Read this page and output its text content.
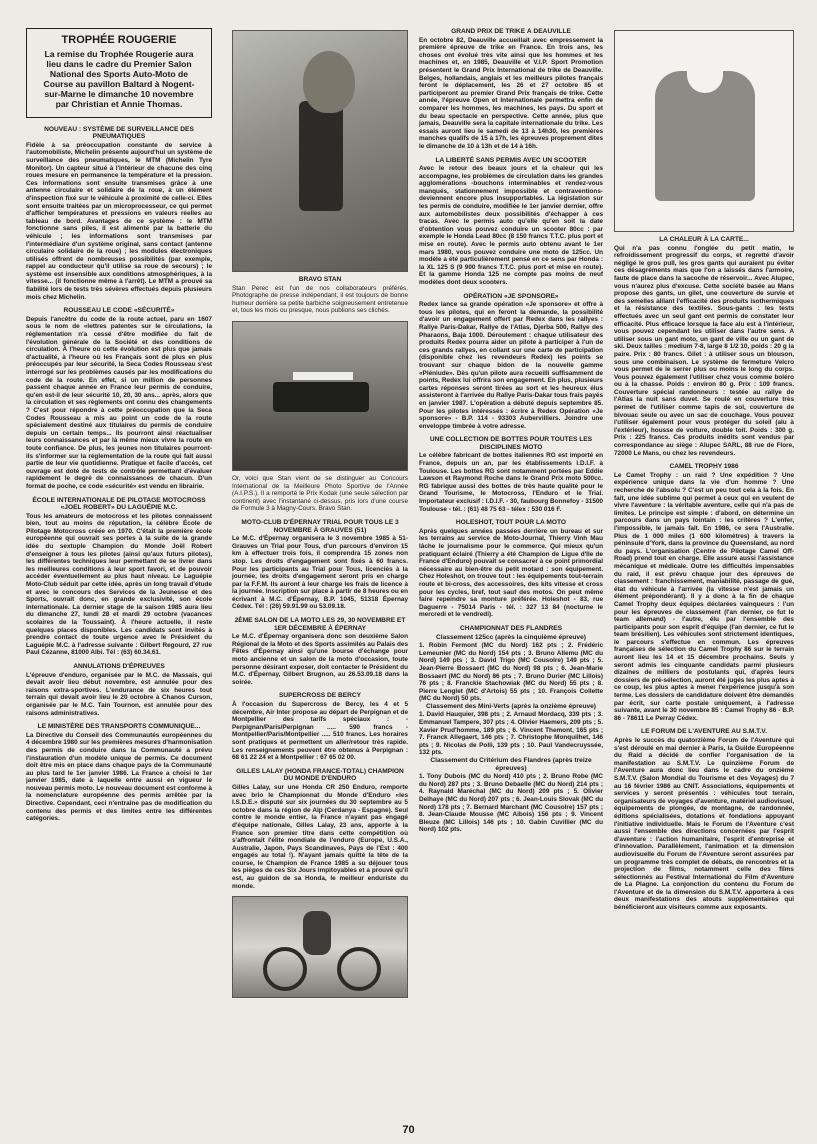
TROPHÉE ROUGERIE

La remise du Trophée Rougerie aura lieu dans le cadre du Premier Salon National des Sports Auto-Moto de Course au pavillon Baltard à Nogent-sur-Marne le dimanche 10 novembre par Christian et Annie Thomas.

NOUVEAU : SYSTÈME DE SURVEILLANCE DES PNEUMATIQUES

Fidèle à sa préoccupation constante de service à l'automobiliste, Michelin présente aujourd'hui un système de surveillance des pneumatiques, le MTM (Michelin Tyre Monitor). Un capteur situé à l'intérieur de chacune des cinq roues mesure en permanence la température et la pression. Ces informations sont ensuite transmises grâce à une antenne circulaire et solidaire de la roue, à un élément d'inspection fixé sur le véhicule à proximité de celle-ci. Elles sont ensuite traitées par un microprocesseur, ce qui permet d'afficher températures et pressions en valeurs réelles au tableau de bord. Avantages de ce système : le MTM fonctionne sans piles, il est alimenté par la batterie du véhicule ; les informations sont transmises par l'intermédiaire d'un système original, sans contact (antenne circulaire solidaire de la roue) ; les modules électroniques utilisés offrent de nombreuses possibilités (par exemple, rappel au conducteur qu'il utilise sa roue de secours) ; le système est insensible aux conditions atmosphériques, à la vitesse... (il fonctionne même à l'arrêt). Le MTM a prouvé sa fiabilité lors de tests très sévères effectués depuis plusieurs mois chez Michelin.

ROUSSEAU LE CODE «SÉCURITÉ»

Depuis l'ancêtre du code de la route actuel, paru en 1607 sous le nom de «lettres patentes sur le circulations, la réglementation n'a cessé d'être modifiée du fait de l'évolution générale de la Société et des conditions de circulation. À l'heure où cette évolution est plus que jamais d'actualité, à l'heure où les Français sont de plus en plus préoccupés par leur sécurité, la Seca Codes Rousseau s'est interrogé sur les problèmes causés par les modifications du code de la route. En effet, si un million de personnes passent chaque année en France leur permis de conduire, qu'en est-il de leur sécurité 10, 20, 30 ans... après, alors que la circulation et ses règlements ont connu des changements ? C'est pour répondre à cette préoccupation que la Seca Codes Rousseau a mis au point un code de la route spécialement destiné aux titulaires du permis de conduire depuis un certain temps... Ils pourront ainsi réactualiser leurs connaissances et par là même mieux vivre la route en toute confiance. De plus, les jeunes non titulaires pourront-ils s'informer sur la réglementation de la route qui fait aussi partie de leur vie quotidienne. Pratique et facile d'accès, cet ouvrage est doté de tests de contrôle permettant d'évaluer rapidement le degré de connaissances de chacun. D'un format de poche, ce code «sécurité» est vendu en librairie.

ÉCOLE INTERNATIONALE DE PILOTAGE MOTOCROSS «JOEL ROBERT» DU LAGUÉPIE M.C.

Tous les amateurs de motocross et les pilotes connaissent bien, tout au moins de réputation, la célèbre École de Pilotage Motocross créée en 1970. C'était la première école européenne qui ouvrait ses portes à la suite de la grande idée du sextuple Champion du Monde Joël Robert d'enseigner à tous les pilotes (ainsi qu'aux futurs pilotes), les différentes techniques leur permettant de se livrer dans les meilleures conditions à leur sport favori, et de pouvoir accéder éventuellement au plus haut niveau. Le Laguépie Moto-Club séduit par cette idée, après un long travail d'étude et avec le concours des Services de la Jeunesse et des Sports, ouvrait donc, en grande exclusivité, son école internationale. La dernier stage de la saison 1985 aura lieu du dimanche 27, lundi 28 et mardi 29 octobre (vacances scolaires de la Toussaint). À l'heure actuelle, il reste quelques places disponibles. Les candidats sont invités à prendre contact de toute urgence avec le Président du Laguépie M.C. à l'adresse suivante : Gilbert Regourd, 27 rue Paul Cézanne, 81000 Albi. Tél : (63) 60.34.61.

ANNULATIONS D'ÉPREUVES

L'épreuve d'enduro, organisée par le M.C. de Massais, qui devait avoir lieu début novembre, est annulée pour des raisons extra-sportives. L'endurance de six heures tout terrain qui devait avoir lieu le 20 octobre à Chanos Curson, organisée par le M.C. Tain Tournon, est annulée pour des raisons administratives.

LE MINISTÈRE DES TRANSPORTS COMMUNIQUE...

La Directive du Conseil des Communautés européennes du 4 décembre 1980 sur les premières mesures d'harmonisation des permis de conduire dans la Communauté a prévu l'instauration d'un modèle unique de permis. Ce document doit être mis en place dans chaque pays de la Communauté au plus tard le 1er janvier 1986. La France a choisi le 1er janvier 1985, date à laquelle entre aussi en vigueur le nouveau permis moto. Le nouveau document est conforme à la nomenclature européenne des permis arrêtée par la Directive. Cependant, ceci n'entraîne pas de modification du contenu des permis et des limites entre les différentes catégories.

BRAVO STAN

Stan Perec est l'un de nos collaborateurs préférés. Photographe de presse indépendant, il est toujours de bonne humeur derrière sa petite barbiche soigneusement entretenue et, tous les mois ou presque, nous publions ses clichés.

Or, voici que Stan vient de se distinguer au Concours International de la Meilleure Photo Sportive de l'Année (A.I.P.S.). Il a remporté le Prix Kodak (une seule sélection par continent) avec l'instantané ci-dessus, pris lors d'une course de Formule 3 à Magny-Cours. Bravo Stan.

MOTO-CLUB D'ÉPERNAY TRIAL POUR TOUS LE 3 NOVEMBRE À GRAUVES (51)

Le M.C. d'Épernay organisera le 3 novembre 1985 à 51-Grauves un Trial pour Tous, d'un parcours d'environ 15 km à effectuer trois fois, il comprendra 15 zones non stop. Les droits d'engagement sont fixés à 60 francs. Pour les participants au Trial pour Tous, licenciés à la journée, les droits d'engagement seront pris en charge par la F.F.M. Ils auront à leur charge les frais de licence à la journée. Inscription sur place à partir de 8 heures ou en écrivant à M.C. d'Épernay, B.P. 1045, 51318 Épernay Cédex. Tél : (26) 59.91.99 ou 53.09.18.

2ÈME SALON DE LA MOTO LES 29, 30 NOVEMBRE ET 1ER DÉCEMBRE À ÉPERNAY

Le M.C. d'Épernay organisera donc son deuxième Salon Régional de la Moto et des Sports assimilés au Palais des Fêtes d'Épernay ainsi qu'une bourse d'échange pour moto ancienne et un salon de la moto d'occasion, toute personne désirant exposer, doit contacter le Président du M.C. d'Épernay, Gilbert Brugnon, au 26.53.09.18 dans la soirée.

SUPERCROSS DE BERCY

À l'occasion du Supercross de Bercy, les 4 et 5 décembre, Air Inter propose au départ de Perpignan et de Montpellier des tarifs spéciaux : - Perpignan/Paris/Perpignan ..... 590 francs - Montpellier/Paris/Montpellier ..... 510 francs. Les horaires sont pratiques et permettent un aller/retour très rapide. Les renseignements peuvent être obtenus à Perpignan : 68 61 22 24 et à Montpellier : 67 65 02 00.

GILLES LALAY (HONDA FRANCE-TOTAL) CHAMPION DU MONDE D'ENDURO

Gilles Lalay, sur une Honda CR 250 Enduro, remporte avec brio le Championnat du Monde d'Enduro «les I.S.D.E.» disputé sur six journées du 30 septembre au 5 octobre dans la région de Alp (Cerdanya - Espagne). Seul contre le monde entier, la France n'ayant pas engagé d'équipe nationale, Gilles Lalay, 23 ans, apporte à la France son premier titre dans cette compétition où s'affrontait l'élite mondiale de l'enduro (Europe, U.S.A., Australie, Japon, Pays Scandinaves, Pays de l'Est : 400 engagés au total !). N'ayant jamais quitté la tête de la course, le Champion de France 1985 a su déjouer tous les pièges de ces Six Jours impitoyables et a prouvé qu'il est, au guidon de sa Honda, le meilleur enduriste du monde.

GRAND PRIX DE TRIKE À DEAUVILLE

En octobre 82, Deauville accueillait avec empressement la première épreuve de trike en France. En trois ans, les choses ont évolué très vite ainsi que les hommes et les machines et, en 1985, Deauville et V.I.P. Sport Promotion présentent le Grand Prix International de trike de Deauville. Belges, hollandais, anglais et les meilleurs pilotes français feront le déplacement, les 26 et 27 octobre 85 et participeront au premier Grand Prix français de trike. Cette année, l'épreuve Open et Internationale permettra enfin de comparer les hommes, les machines, les pays. Du sport et du beau spectacle en perspective. Cette année, plus que jamais, Deauville sera la capitale internationale du trike. Les essais auront lieu le samedi de 13 à 14h30, les premières manches qualifs de 15 à 17h, les épreuves proprement dites le dimanche de 10 à 13h et de 14 à 16h.

LA LIBERTÉ SANS PERMIS AVEC UN SCOOTER

Avec le retour des beaux jours et la chaleur qui les accompagne, les problèmes de circulation dans les grandes agglomérations -bouchons interminables et rendez-vous manqués, stationnement impossible et contraventions- deviennent encore plus insupportables. La législation sur les permis de conduire, modifiée le 1er janvier dernier, offre aux automobilistes deux possibilités d'échapper à ces tracas. Avec le permis auto qu'elle qu'en soit la date d'obtention vous pouvez conduire un scooter 80cc : par exemple le Honda Lead 80cc (8 150 francs T.T.C. plus port et mise en route). Avec le permis auto obtenu avant le 1er mars 1980, vous pouvez conduire une moto de 125cc. Un modèle a été particulièrement pensé en ce sens par Honda : la XL 125 S (9 900 francs T.T.C. plus port et mise en route). Et la gamme Honda 125 ne compte pas moins de neuf modèles dont deux scooters.

OPÉRATION «JE SPONSORE»

Redex lance sa grande opération «Je sponsore» et offre à tous les pilotes, qui en feront la demande, la possibilité d'avoir un engagement offert par Redex dans les rallyes : Rallye Paris-Dakar, Rallye de l'Atlas, Djerba 500, Rallye des Pharaons, Baja 1000. Déroulement : chaque utilisateur des produits Redex pourra aider un pilote à participer à l'un de ces grands rallyes, en collant sur une carte de participation (disponible chez les revendeurs Redex) les points se trouvant sur chaque bidon de la nouvelle gamme «Pléniude». Dès qu'un pilote aura recueilli suffisamment de points, Redex lui offrira son engagement. En plus, plusieurs cartes réponses seront tirées au sort et les heureux élus assisteront à l'arrivée du Rallye Paris-Dakar tous frais payés en janvier 1987. L'opération a débuté depuis septembre 85. Pour les pilotes intéressés : écrire à Redex Opération «Je sponsore» - B.P. 114 - 93303 Aubervilliers. Joindre une enveloppe timbrée à votre adresse.

UNE COLLECTION DE BOTTES POUR TOUTES LES DISCIPLINES MOTO

Le célèbre fabricant de bottes italiennes RG est importé en France, depuis un an, par les établissements I.D.I.F. à Toulouse. Les bottes RG sont notamment portées par Eddie Lawson et Raymond Roche dans le Grand Prix moto 500cc. RG fabrique aussi des bottes de très haute qualité pour le Grand Tourisme, le Motocross, l'Enduro et le Trial. Importateur exclusif : I.D.I.F. - 30, faubourg Bonnefoy - 31500 Toulouse - tél. : (61) 48 75 63 - télex : 530 016 F.

HOLESHOT, TOUT POUR LA MOTO

Après quelques années passées derrière un bureau et sur les terrains au service de Moto-Journal, Thierry Vinh Mau lâche le journalisme pour le commerce. Qui mieux qu'un pratiquant éclairé (Thierry a été Champion de Ligue d'Ile de France d'Enduro) pouvait se consacrer à ce point primordial nécessaire au bien-être du petit motard : son équipement. Chez Holeshot, on trouve tout : les équipements tout-terrain route et bi-cross, des accessoires, des kits vitesse et cross pour les cycles, bref, tout sauf des motos. On peut même faire repeindre sa monture préférée. Holeshot - 83, rue Daguerre - 75014 Paris - tél. : 327 13 84 (nocturne le mercredi et le vendredi).

CHAMPIONNAT DES FLANDRES
Classement 125cc (après la cinquième épreuve)

1. Robin Fermont (MC du Nord) 162 pts ; 2. Frédéric Lemeunier (MC du Nord) 154 pts ; 3. Bruno Allemu (MC du Nord) 149 pts ; 3. David Trigo (MC Cousolre) 149 pts ; 5. Jean-Pierre Bossaert (MC du Nord) 98 pts ; 6. Jean-Marie Bossaert (MC du Nord) 86 pts ; 7. Bruno Durier (MC Lillois) 76 pts ; 8. Franckie Stachowiak (MC du Nord) 55 pts ; 8. Pierre Lenglet (MC d'Artois) 55 pts ; 10. François Collette (MC du Nord) 50 pts.

Classement des Mini-Verts (après la onzième épreuve)

1. David Hauquier, 398 pts ; 2. Arnaud Mordacq, 339 pts ; 3. Emmanuel Tampere, 307 pts ; 4. Olivier Haemers, 209 pts ; 5. Xavier Prud'homme, 189 pts ; 6. Vincent Themont, 165 pts ; 7. Franck Allegaert, 146 pts ; 7. Christophe Monquilhet, 146 pts ; 9. Nicolas de Polli, 139 pts ; 10. Paul Vandecruyssée, 132 pts.

Classement du Critérium des Flandres (après treize épreuves)

1. Tony Dubois (MC du Nord) 410 pts ; 2. Bruno Robe (MC du Nord) 287 pts ; 3. Bruno Debaelle (MC du Nord) 214 pts ; 4. Raynald Maréchal (MC du Nord) 209 pts ; 5. Olivier Delhaye (MC du Nord) 207 pts ; 6. Jean-Louis Slovak (MC du Nord) 178 pts ; 7. Bernard Marchant (MC Cousolre) 157 pts ; 8. Jean-Claude Mousse (MC Aibois) 156 pts ; 9. Vincent Bleuze (MC Lillois) 146 pts ; 10. Gabin Cuvillier (MC du Nord) 102 pts.

LA CHALEUR À LA CARTE...

Qui n'a pas connu l'onglée du petit matin, le refroidissement progressif du corps, et regretté d'avoir négligé le gros pull, les gros gants qui auraient pu éviter ces désagréments mais que l'on a laissés dans l'armoire, faute de place dans la sacoche de réservoir... Avec Alupec, vous n'aurez plus d'excuse. Cette société basée au Mans propose des gants, un gilet, une couverture de survie et des semelles alliant l'efficacité des produits isothermiques et la résistance des textiles. Sous-gants : les tests effectués avec un seul gant ont permis de constater leur efficacité. Plus efficace lorsque la face alu est à l'intérieur, vous pouvez cependant les utiliser dans l'autre sens. A utiliser sous un gant moto, un gant de ville ou un gant de ski. Deux tailles : medium 7-8, large 8 1/2 10, poids : 20 g la paire. Prix : 80 francs. Gilet : à utiliser sous un blouson, sous une combinaison. Le système de fermeture Velcro vous permet de le serrer plus ou moins le long du corps. Vous pouvez également l'utiliser chez vous comme boléro ou à la chasse. Poids : environ 80 g. Prix : 109 francs. Couverture spécial randonneurs : testée au rallye de l'Atlas la nuit sans duvet. Se roulé en couverture très permet de l'utiliser comme tapis de sol, couverture de bivouac seule ou avec un sac de couchage. Vous pouvez l'utiliser également pour vous protéger du soleil (alu à l'extérieur), housse de voiture, double toit. Poids : 300 g. Prix : 225 francs. Ces produits inédits sont vendus par correspondance au siège : Alupec SARL, 88 rue de Flore, 72000 Le Mans, ou chez les revendeurs.

CAMEL TROPHY 1986

Le Camel Trophy : un raid ? Une expédition ? Une expérience unique dans la vie d'un homme ? Une recherche de l'absolu ? C'est un peu tout cela à la fois. En fait, une idée sublime qui permet à ceux qui en veulent de vivre l'aventure : la véritable aventure, celle qui n'a pas de limites. Le principe est simple : d'abord, on détermine un parcours dans un pays lointain : les critères ? L'enfer, l'impossible, le jamais fait. En 1986, ce sera l'Australie. Plus de 1 000 miles (1 600 kilomètres) à travers la péninsule d'York, dans la province du Queensland, au nord du pays. L'organisation (Centre de Pilotage Camel Off-Road) prend tout en charge. Elle assure aussi l'assistance mécanique et médicale. Outre les difficultés impensables du raid, il est prévu chaque jour des épreuves de classement : franchissement, maniabilité, passage de gué, état du véhicule à l'arrivée (la vitesse n'est jamais un élément prépondérant). Il y a donc à la fin de chaque Camel Trophy deux équipes déclarées vainqueurs : l'un pour les épreuves de classement (l'an dernier, ce fut le team allemand) - l'autre, élu par l'ensemble des participants pour son esprit d'équipe (l'an dernier, ce fut le team brésilien). Les véhicules sont strictement identiques, le parcours s'effectue en commun. Les épreuves françaises de sélection du Camel Trophy 86 sur le terrain auront lieu les 14 et 15 décembre prochains. Seuls y seront admis les cinquante candidats parmi plusieurs dizaines de milliers de postulants qui, d'après leurs dossiers de pré-sélection, auront été jugés les plus aptes à ce coup, les plus aptes à mener l'expérience jusqu'à son terme. Les dossiers de candidature doivent être demandés par écrit, sur carte postale uniquement, à l'adresse suivante, avant le 30 novembre 85 : Camel Trophy 86 - B.P. 86 - 78611 Le Perray Cédex.

LE FORUM DE L'AVENTURE AU S.M.T.V.

Après le succès du quatorzième Forum de l'Aventure qui s'est déroulé en mai dernier à Paris, la Guilde Européenne du Raid a décidé de confier l'organisation de la manifestation au S.M.T.V. Le quinzième Forum de l'Aventure aura donc lieu dans le cadre du onzième S.M.T.V. (Salon Mondial du Tourisme et des Voyages) du 7 au 16 février 1986 au CNIT. Associations, équipements et services y seront présentés : véhicules tout terrain, organisateurs de voyages d'aventure, matériel audiovisuel, équipements de plongée, de montagne, de randonnée, éditions spécialisées, dotations et fondations appuyant l'initiative individuelle. Mais le Forum de l'Aventure c'est aussi l'ensemble des directions concernées par l'esprit d'aventure : l'action humanitaire, l'esprit d'entreprise et d'innovation. Parallèlement, l'animation et la dimension audiovisuelle du Forum de l'Aventure seront assurées par un programme très complet de débats, de rencontres et la projection de films, notamment celle des films sélectionnés au Festival International du Film d'Aventure de La Plagne. La conjonction du contenu du Forum de l'Aventure et de la dimension du S.M.T.V. apportera à ces deux manifestations des atouts supplémentaires qui bénéficieront aux visiteurs comme aux exposants.

70
